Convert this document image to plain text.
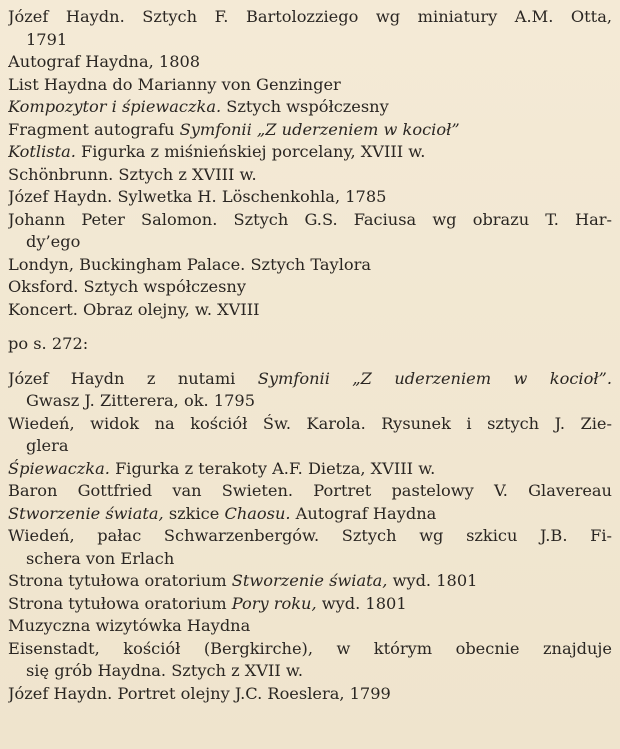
Józef Haydn. Sztych F. Bartolozziego wg miniatury A.M. Otta,
1791
Autograf Haydna, 1808
List Haydna do Marianny von Genzinger
Kompozytor i śpiewaczka. Sztych współczesny
Fragment autografu Symfonii „Z uderzeniem w kocioł”
Kotlista. Figurka z miśnieńskiej porcelany, XVIII w.
Schönbrunn. Sztych z XVIII w.
Józef Haydn. Sylwetka H. Löschenkohla, 1785
Johann Peter Salomon. Sztych G.S. Faciusa wg obrazu T. Har-
dy’ego
Londyn, Buckingham Palace. Sztych Taylora
Oksford. Sztych współczesny
Koncert. Obraz olejny, w. XVIII
po s. 272:
Józef Haydn z nutami Symfonii „Z uderzeniem w kocioł”.
Gwasz J. Zitterera, ok. 1795
Wiedeń, widok na kościół Św. Karola. Rysunek i sztych J. Zie-
glera
Śpiewaczka. Figurka z terakoty A.F. Dietza, XVIII w.
Baron Gottfried van Swieten. Portret pastelowy V. Glavereau
Stworzenie świata, szkice Chaosu. Autograf Haydna
Wiedeń, pałac Schwarzenbergów. Sztych wg szkicu J.B. Fi-
schera von Erlach
Strona tytułowa oratorium Stworzenie świata, wyd. 1801
Strona tytułowa oratorium Pory roku, wyd. 1801
Muzyczna wizytówka Haydna
Eisenstadt, kościół (Bergkirche), w którym obecnie znajduje
się grób Haydna. Sztych z XVII w.
Józef Haydn. Portret olejny J.C. Roeslera, 1799
